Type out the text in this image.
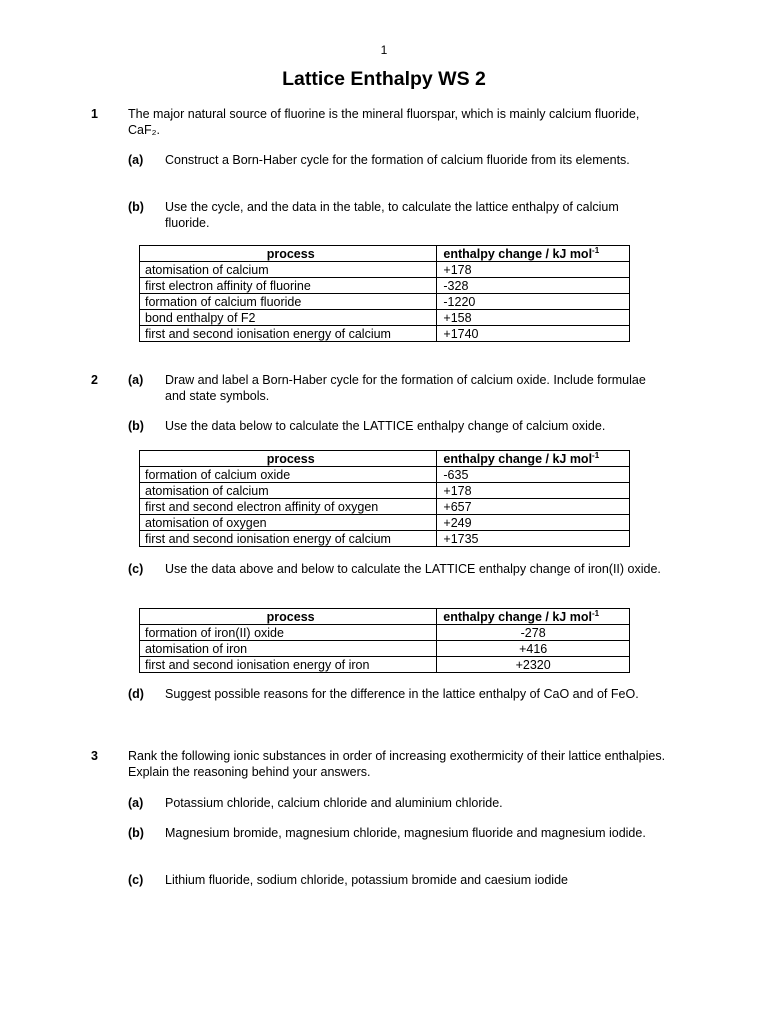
1
Lattice Enthalpy WS 2
1	The major natural source of fluorine is the mineral fluorspar, which is mainly calcium fluoride, CaF₂.
(a)	Construct a Born-Haber cycle for the formation of calcium fluoride from its elements.
(b)	Use the cycle, and the data in the table, to calculate the lattice enthalpy of calcium fluoride.
process	enthalpy change / kJ mol$^{-1}$
atomisation of calcium	+178
first electron affinity of fluorine	-328
formation of calcium fluoride	-1220
bond enthalpy of F2	+158
first and second ionisation energy of calcium	+1740
2	(a)	Draw and label a Born-Haber cycle for the formation of calcium oxide. Include formulae and state symbols.
(b)	Use the data below to calculate the LATTICE enthalpy change of calcium oxide.
process	enthalpy change / kJ mol$^{-1}$
formation of calcium oxide	-635
atomisation of calcium	+178
first and second electron affinity of oxygen	+657
atomisation of oxygen	+249
first and second ionisation energy of calcium	+1735
(c)	Use the data above and below to calculate the LATTICE enthalpy change of iron(II) oxide.
process	enthalpy change / kJ mol$^{-1}$
formation of iron(II) oxide	-278
atomisation of iron	+416
first and second ionisation energy of iron	+2320
(d)	Suggest possible reasons for the difference in the lattice enthalpy of CaO and of FeO.
3	Rank the following ionic substances in order of increasing exothermicity of their lattice enthalpies. Explain the reasoning behind your answers.
(a)	Potassium chloride, calcium chloride and aluminium chloride.
(b)	Magnesium bromide, magnesium chloride, magnesium fluoride and magnesium iodide.
(c)	Lithium fluoride, sodium chloride, potassium bromide and caesium iodide
